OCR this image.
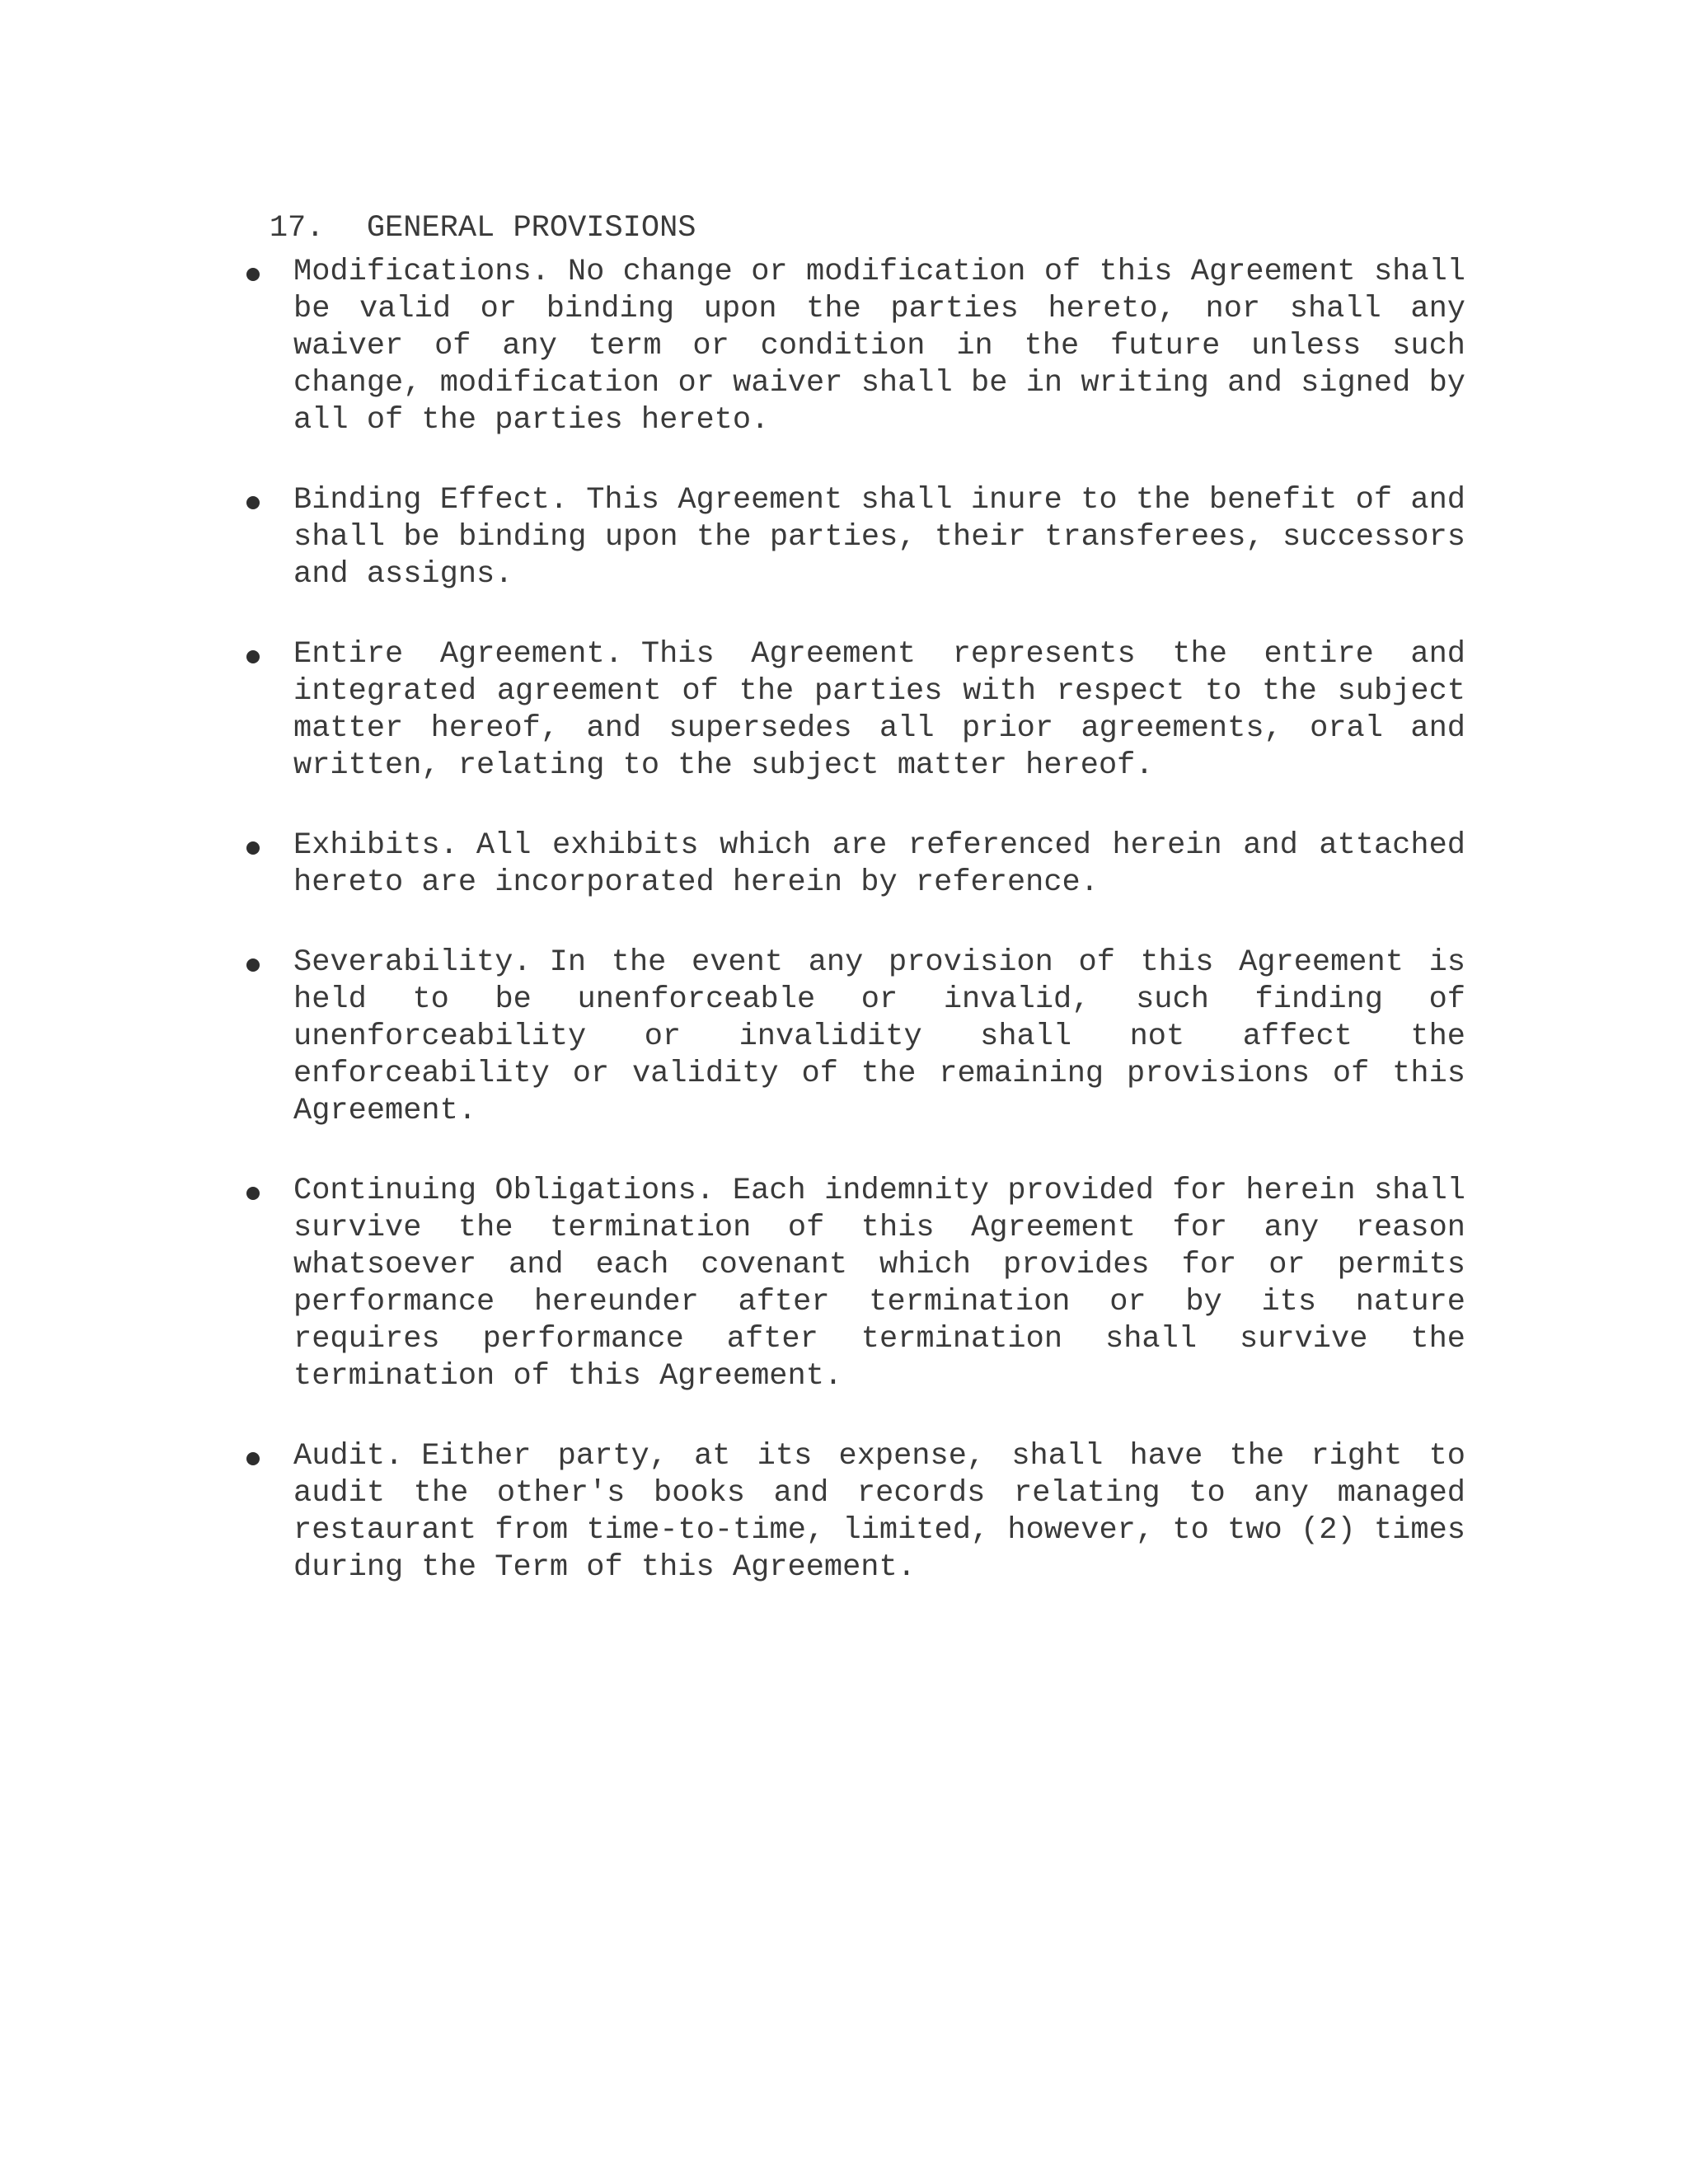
17. GENERAL PROVISIONS

Modifications. No change or modification of this Agreement shall be valid or binding upon the parties hereto, nor shall any waiver of any term or condition in the future unless such change, modification or waiver shall be in writing and signed by all of the parties hereto.
Binding Effect. This Agreement shall inure to the benefit of and shall be binding upon the parties, their transferees, successors and assigns.
Entire Agreement. This Agreement represents the entire and integrated agreement of the parties with respect to the subject matter hereof, and supersedes all prior agreements, oral and written, relating to the subject matter hereof.
Exhibits. All exhibits which are referenced herein and attached hereto are incorporated herein by reference.
Severability. In the event any provision of this Agreement is held to be unenforceable or invalid, such finding of unenforceability or invalidity shall not affect the enforceability or validity of the remaining provisions of this Agreement.
Continuing Obligations. Each indemnity provided for herein shall survive the termination of this Agreement for any reason whatsoever and each covenant which provides for or permits performance hereunder after termination or by its nature requires performance after termination shall survive the termination of this Agreement.
Audit. Either party, at its expense, shall have the right to audit the other's books and records relating to any managed restaurant from time-to-time, limited, however, to two (2) times during the Term of this Agreement.
